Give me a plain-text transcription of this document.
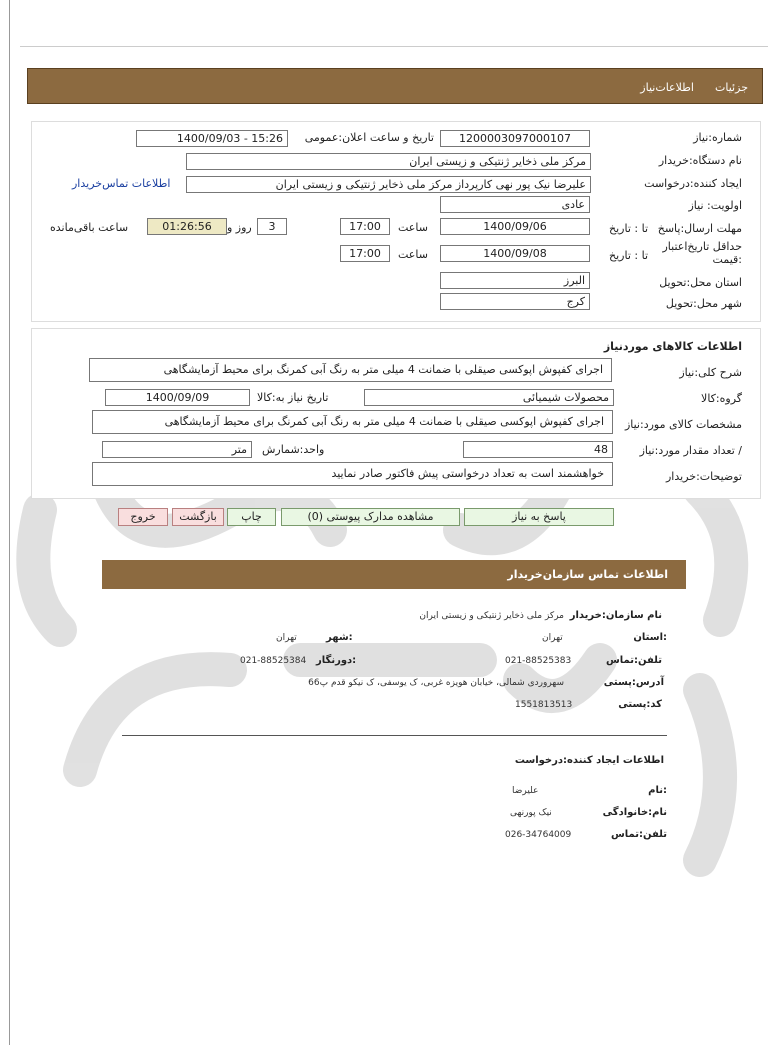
جزئیات
اطلاعات‌نیاز
شماره:نیاز
1200003097000107
تاریخ و ساعت اعلان:عمومی
1400/09/03 - 15:26
نام دستگاه:خریدار
مرکز ملی ذخایر ژنتیکی و زیستی ایران
ایجاد کننده:درخواست
علیرضا نیک پور نهی کارپرداز مرکز ملی ذخایر ژنتیکی و زیستی ایران
اطلاعات تماس‌خریدار
اولویت: نیاز
عادی
مهلت ارسال:پاسخ
تا : تاریخ
1400/09/06
ساعت
17:00
3
روز و
01:26:56
ساعت باقی‌مانده
حداقل تاریخ‌اعتبار
:قیمت
تا : تاریخ
1400/09/08
ساعت
17:00
استان محل:تحویل
البرز
شهر محل:تحویل
کرج
اطلاعات کالاهای موردنیاز
شرح کلی:نیاز
اجرای کفپوش اپوکسی صیقلی با ضمانت 4 میلی متر به رنگ آبی کمرنگ برای محیط آزمایشگاهی
گروه:کالا
محصولات شیمیائی
تاریخ نیاز به:کالا
1400/09/09
مشخصات کالای مورد:نیاز
اجرای کفپوش اپوکسی صیقلی با ضمانت 4 میلی متر به رنگ آبی کمرنگ برای محیط آزمایشگاهی
/ تعداد مقدار مورد:نیاز
48
واحد:شمارش
متر
توضیحات:خریدار
خواهشمند است به تعداد درخواستی پیش فاکتور صادر نمایید
پاسخ به نیاز
مشاهده مدارک پیوستی (0)
چاپ
بازگشت
خروج
اطلاعات تماس سازمان‌خریدار
نام سازمان:خریدار
مرکز ملی ذخایر ژنتیکی و زیستی ایران
:استان
تهران
:شهر
تهران
تلفن:تماس
021-88525383
:دورنگار
021-88525384
آدرس:پستی
سهروردی شمالی، خیابان هویزه غربی، ک یوسفی، ک نیکو قدم پ66
کد:پستی
1551813513
اطلاعات ایجاد کننده:درخواست
:نام
علیرضا
نام:خانوادگی
نیک پورنهی
تلفن:تماس
026-34764009
